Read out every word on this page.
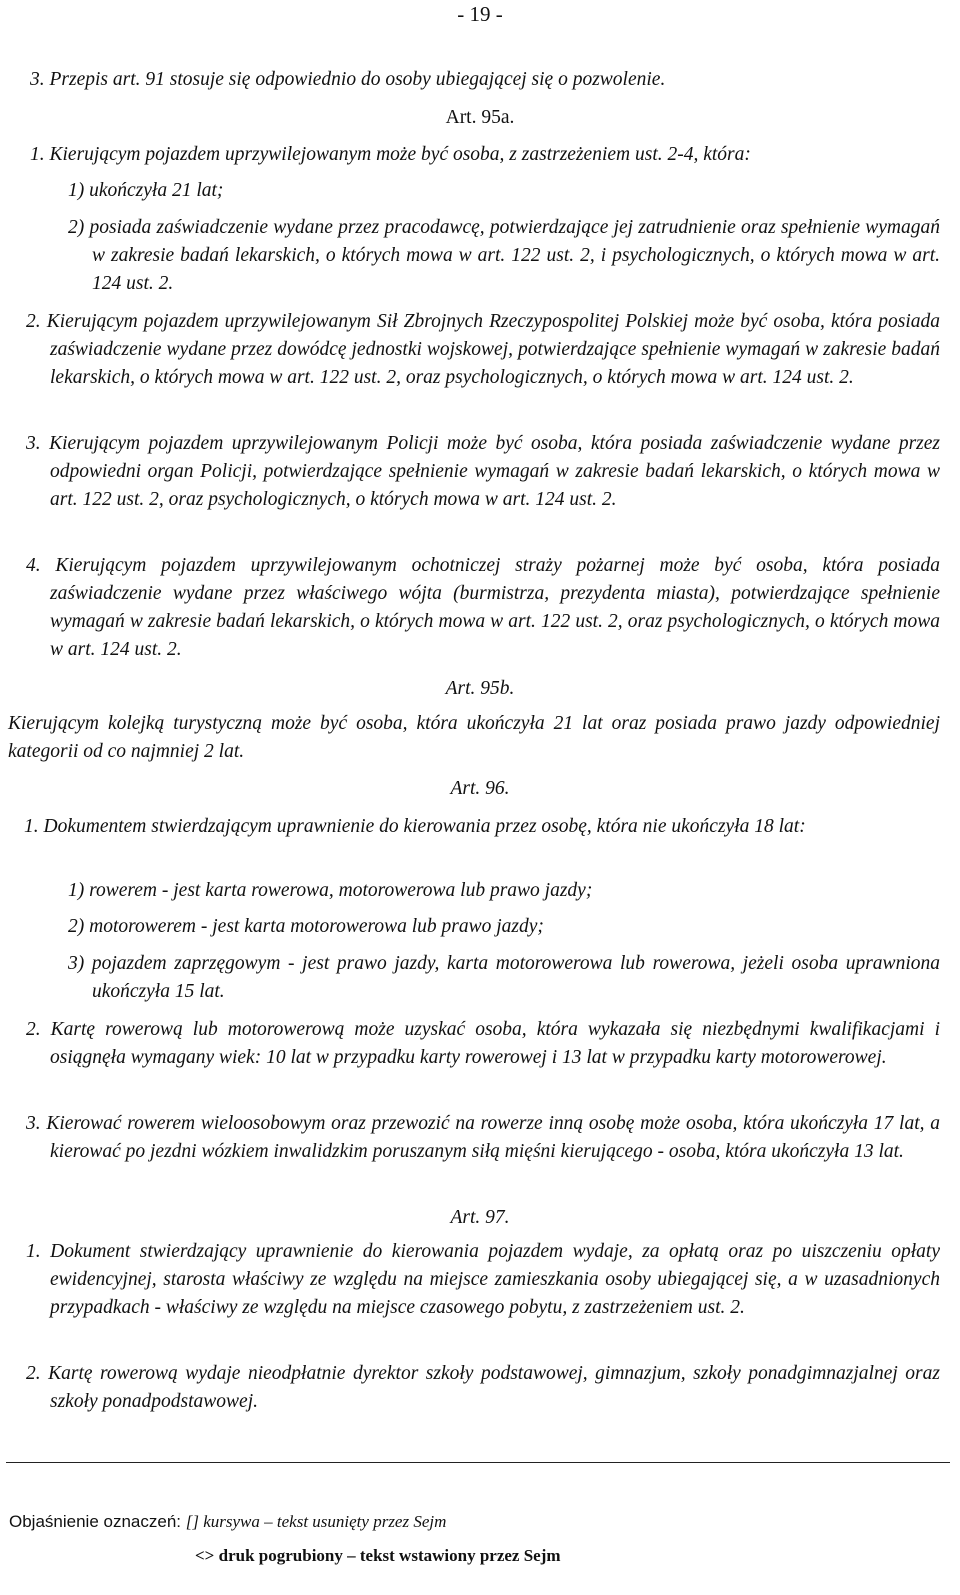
- 19 -
3. Przepis art. 91 stosuje się odpowiednio do osoby ubiegającej się o pozwolenie.
Art. 95a.
1. Kierującym pojazdem uprzywilejowanym może być osoba, z zastrzeżeniem ust. 2-4, która:
1) ukończyła 21 lat;
2) posiada zaświadczenie wydane przez pracodawcę, potwierdzające jej zatrudnienie oraz spełnienie wymagań w zakresie badań lekarskich, o których mowa w art. 122 ust. 2, i psychologicznych, o których mowa w art. 124 ust. 2.
2. Kierującym pojazdem uprzywilejowanym Sił Zbrojnych Rzeczypospolitej Polskiej może być osoba, która posiada zaświadczenie wydane przez dowódcę jednostki wojskowej, potwierdzające spełnienie wymagań w zakresie badań lekarskich, o których mowa w art. 122 ust. 2, oraz psychologicznych, o których mowa w art. 124 ust. 2.
3. Kierującym pojazdem uprzywilejowanym Policji może być osoba, która posiada zaświadczenie wydane przez odpowiedni organ Policji, potwierdzające spełnienie wymagań w zakresie badań lekarskich, o których mowa w art. 122 ust. 2, oraz psychologicznych, o których mowa w art. 124 ust. 2.
4. Kierującym pojazdem uprzywilejowanym ochotniczej straży pożarnej może być osoba, która posiada zaświadczenie wydane przez właściwego wójta (burmistrza, prezydenta miasta), potwierdzające spełnienie wymagań w zakresie badań lekarskich, o których mowa w art. 122 ust. 2, oraz psychologicznych, o których mowa w art. 124 ust. 2.
Art. 95b.
Kierującym kolejką turystyczną może być osoba, która ukończyła 21 lat oraz posiada prawo jazdy odpowiedniej kategorii od co najmniej 2 lat.
Art. 96.
1. Dokumentem stwierdzającym uprawnienie do kierowania przez osobę, która nie ukończyła 18 lat:
1) rowerem - jest karta rowerowa, motorowerowa lub prawo jazdy;
2) motorowerem - jest karta motorowerowa lub prawo jazdy;
3) pojazdem zaprzęgowym - jest prawo jazdy, karta motorowerowa lub rowerowa, jeżeli osoba uprawniona ukończyła 15 lat.
2. Kartę rowerową lub motorowerową może uzyskać osoba, która wykazała się niezbędnymi kwalifikacjami i osiągnęła wymagany wiek: 10 lat w przypadku karty rowerowej i 13 lat w przypadku karty motorowerowej.
3. Kierować rowerem wieloosobowym oraz przewozić na rowerze inną osobę może osoba, która ukończyła 17 lat, a kierować po jezdni wózkiem inwalidzkim poruszanym siłą mięśni kierującego - osoba, która ukończyła 13 lat.
Art. 97.
1. Dokument stwierdzający uprawnienie do kierowania pojazdem wydaje, za opłatą oraz po uiszczeniu opłaty ewidencyjnej, starosta właściwy ze względu na miejsce zamieszkania osoby ubiegającej się, a w uzasadnionych przypadkach - właściwy ze względu na miejsce czasowego pobytu, z zastrzeżeniem ust. 2.
2. Kartę rowerową wydaje nieodpłatnie dyrektor szkoły podstawowej, gimnazjum, szkoły ponadgimnazjalnej oraz szkoły ponadpodstawowej.
Objaśnienie oznaczeń: [] kursywa – tekst usunięty przez Sejm
<> druk pogrubiony – tekst wstawiony przez Sejm
